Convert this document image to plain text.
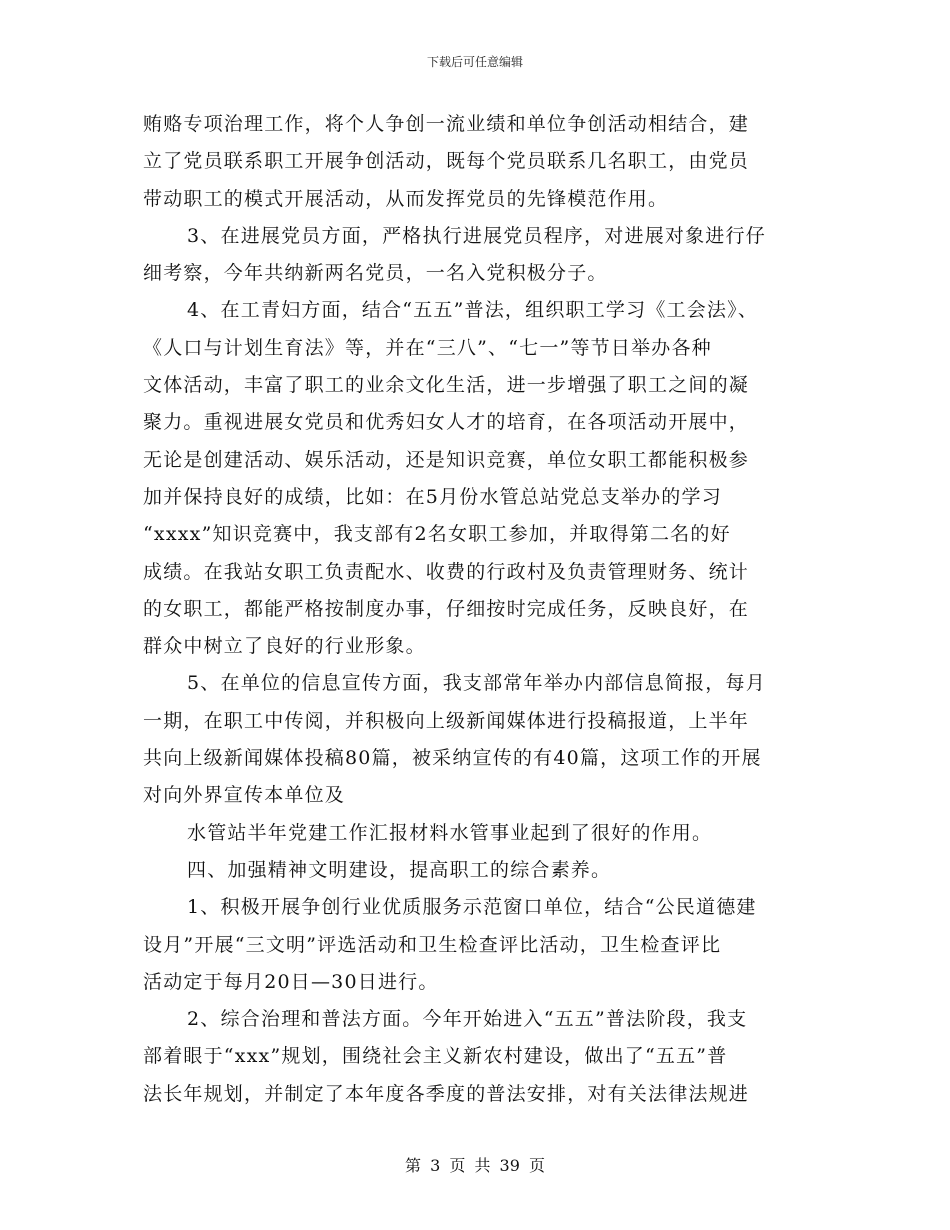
下载后可任意编辑
贿赂专项治理工作，将个人争创一流业绩和单位争创活动相结合，建
立了党员联系职工开展争创活动，既每个党员联系几名职工，由党员
带动职工的模式开展活动，从而发挥党员的先锋模范作用。
3、在进展党员方面，严格执行进展党员程序，对进展对象进行仔
细考察，今年共纳新两名党员，一名入党积极分子。
4、在工青妇方面，结合“五五”普法，组织职工学习《工会法》、
《人口与计划生育法》等，并在“三八”、“七一”等节日举办各种
文体活动，丰富了职工的业余文化生活，进一步增强了职工之间的凝
聚力。重视进展女党员和优秀妇女人才的培育，在各项活动开展中，
无论是创建活动、娱乐活动，还是知识竞赛，单位女职工都能积极参
加并保持良好的成绩，比如：在5月份水管总站党总支举办的学习
“xxxx”知识竞赛中，我支部有2名女职工参加，并取得第二名的好
成绩。在我站女职工负责配水、收费的行政村及负责管理财务、统计
的女职工，都能严格按制度办事，仔细按时完成任务，反映良好，在
群众中树立了良好的行业形象。
5、在单位的信息宣传方面，我支部常年举办内部信息简报，每月
一期，在职工中传阅，并积极向上级新闻媒体进行投稿报道，上半年
共向上级新闻媒体投稿80篇，被采纳宣传的有40篇，这项工作的开展
对向外界宣传本单位及
水管站半年党建工作汇报材料水管事业起到了很好的作用。
四、加强精神文明建设，提高职工的综合素养。
1、积极开展争创行业优质服务示范窗口单位，结合“公民道德建
设月”开展“三文明”评选活动和卫生检查评比活动，卫生检查评比
活动定于每月20日—30日进行。
2、综合治理和普法方面。今年开始进入“五五”普法阶段，我支
部着眼于“xxx”规划，围绕社会主义新农村建设，做出了“五五”普
法长年规划，并制定了本年度各季度的普法安排，对有关法律法规进
第 3 页 共 39 页
